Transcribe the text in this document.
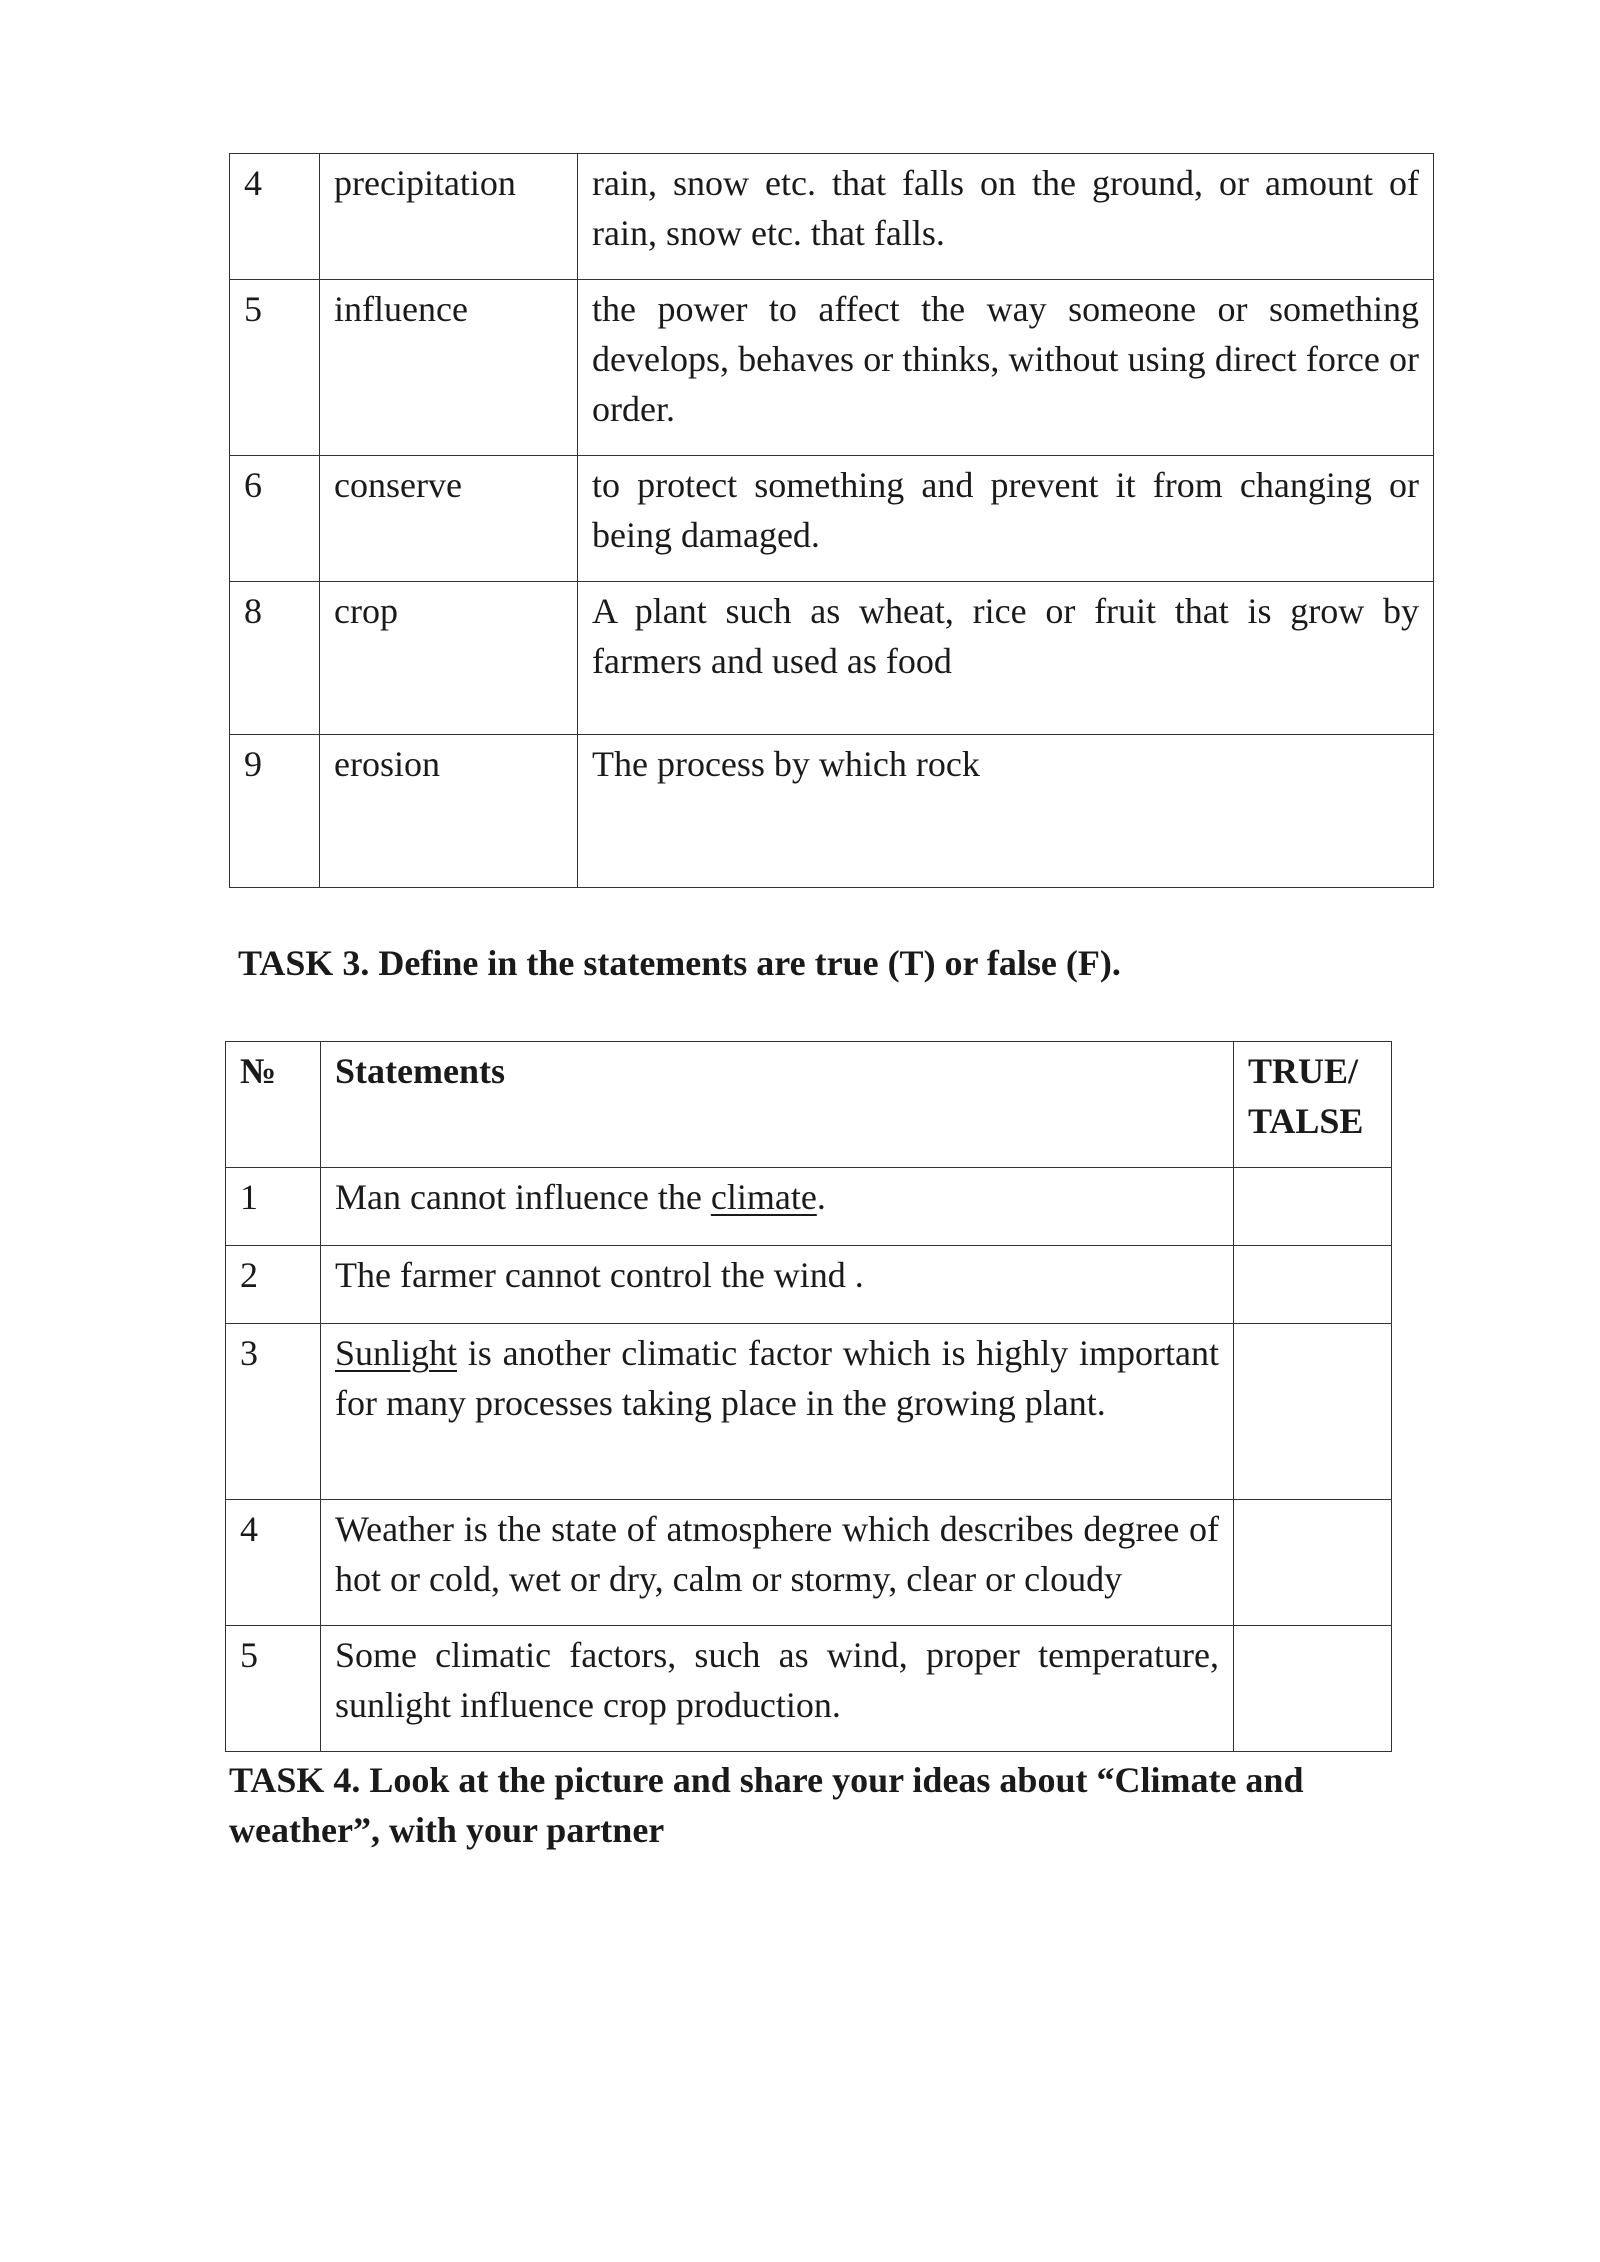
4	precipitation	rain, snow etc. that falls on the ground, or amount of rain, snow etc. that falls.
5	influence	the power to affect the way someone or something develops, behaves or thinks, without using direct force or order.
6	conserve	to protect something and prevent it from changing or being damaged.
8	crop	A plant such as wheat, rice or fruit that is grow by farmers and used as food
9	erosion	The process by which rock
TASK 3. Define in the statements are true (T) or false (F).
№	Statements	TRUE/ TALSE
1	Man cannot influence the climate.	
2	The farmer cannot control the wind .	
3	Sunlight is another climatic factor which is highly important for many processes taking place in the growing plant.	
4	Weather is the state of atmosphere which describes degree of hot or cold, wet or dry, calm or stormy, clear or cloudy	
5	Some climatic factors, such as wind, proper temperature, sunlight influence crop production.	

TASK 4. Look at the picture and share your ideas about “Climate and weather”, with your partner
